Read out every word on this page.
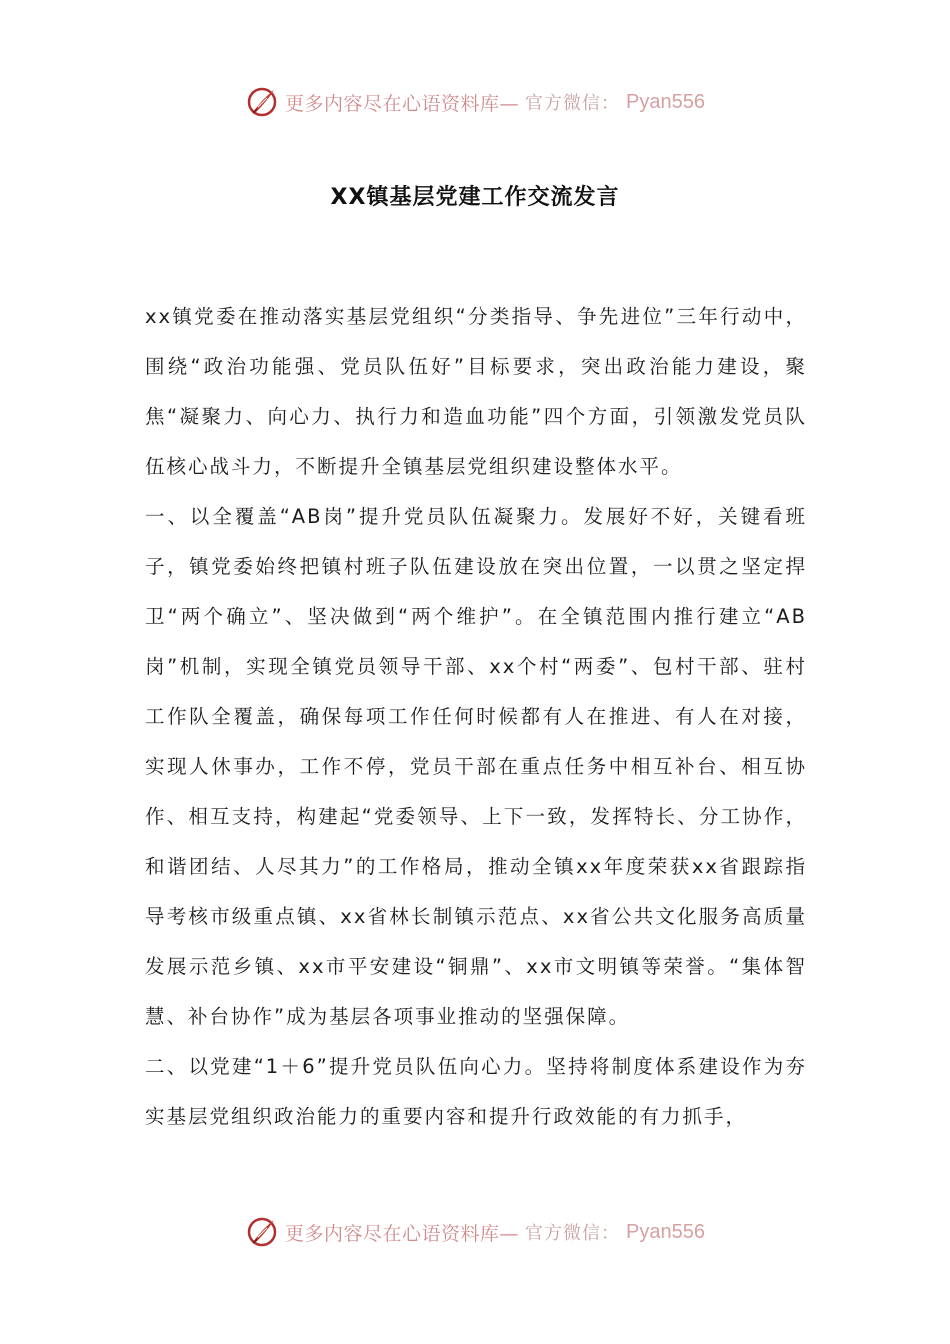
更多内容尽在心语资料库— 官方微信： Pyan556
XX镇基层党建工作交流发言

xx镇党委在推动落实基层党组织“分类指导、争先进位”三年行动中，围绕“政治功能强、党员队伍好”目标要求，突出政治能力建设，聚焦“凝聚力、向心力、执行力和造血功能”四个方面，引领激发党员队伍核心战斗力，不断提升全镇基层党组织建设整体水平。

一、以全覆盖“AB岗”提升党员队伍凝聚力。发展好不好，关键看班子，镇党委始终把镇村班子队伍建设放在突出位置，一以贯之坚定捍卫“两个确立”、坚决做到“两个维护”。在全镇范围内推行建立“AB岗”机制，实现全镇党员领导干部、xx个村“两委”、包村干部、驻村工作队全覆盖，确保每项工作任何时候都有人在推进、有人在对接，实现人休事办，工作不停，党员干部在重点任务中相互补台、相互协作、相互支持，构建起“党委领导、上下一致，发挥特长、分工协作，和谐团结、人尽其力”的工作格局，推动全镇xx年度荣获xx省跟踪指导考核市级重点镇、xx省林长制镇示范点、xx省公共文化服务高质量发展示范乡镇、xx市平安建设“铜鼎”、xx市文明镇等荣誉。“集体智慧、补台协作”成为基层各项事业推动的坚强保障。

二、以党建“1＋6”提升党员队伍向心力。坚持将制度体系建设作为夯实基层党组织政治能力的重要内容和提升行政效能的有力抓手，

更多内容尽在心语资料库— 官方微信： Pyan556
